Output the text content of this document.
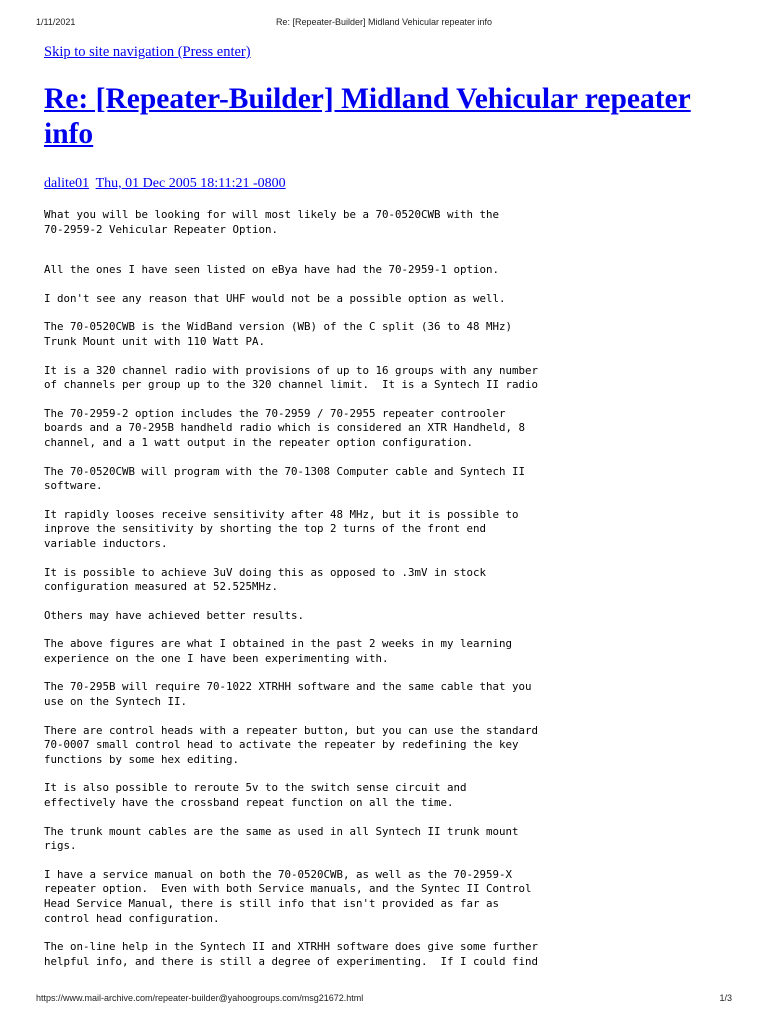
1/11/2021	Re: [Repeater-Builder] Midland Vehicular repeater info
Skip to site navigation (Press enter)
Re: [Repeater-Builder] Midland Vehicular repeater info
dalite01 Thu, 01 Dec 2005 18:11:21 -0800
What you will be looking for will most likely be a 70-0520CWB with the
70-2959-2 Vehicular Repeater Option.
All the ones I have seen listed on eBya have had the 70-2959-1 option.
I don't see any reason that UHF would not be a possible option as well.
The 70-0520CWB is the WidBand version (WB) of the C split (36 to 48 MHz)
Trunk Mount unit with 110 Watt PA.
It is a 320 channel radio with provisions of up to 16 groups with any number
of channels per group up to the 320 channel limit.  It is a Syntech II radio
The 70-2959-2 option includes the 70-2959 / 70-2955 repeater controoler
boards and a 70-295B handheld radio which is considered an XTR Handheld, 8
channel, and a 1 watt output in the repeater option configuration.
The 70-0520CWB will program with the 70-1308 Computer cable and Syntech II
software.
It rapidly looses receive sensitivity after 48 MHz, but it is possible to
inprove the sensitivity by shorting the top 2 turns of the front end
variable inductors.
It is possible to achieve 3uV doing this as opposed to .3mV in stock
configuration measured at 52.525MHz.
Others may have achieved better results.
The above figures are what I obtained in the past 2 weeks in my learning
experience on the one I have been experimenting with.
The 70-295B will require 70-1022 XTRHH software and the same cable that you
use on the Syntech II.
There are control heads with a repeater button, but you can use the standard
70-0007 small control head to activate the repeater by redefining the key
functions by some hex editing.
It is also possible to reroute 5v to the switch sense circuit and
effectively have the crossband repeat function on all the time.
The trunk mount cables are the same as used in all Syntech II trunk mount
rigs.
I have a service manual on both the 70-0520CWB, as well as the 70-2959-X
repeater option.  Even with both Service manuals, and the Syntec II Control
Head Service Manual, there is still info that isn't provided as far as
control head configuration.
The on-line help in the Syntech II and XTRHH software does give some further
helpful info, and there is still a degree of experimenting.  If I could find
https://www.mail-archive.com/repeater-builder@yahoogroups.com/msg21672.html	1/3
